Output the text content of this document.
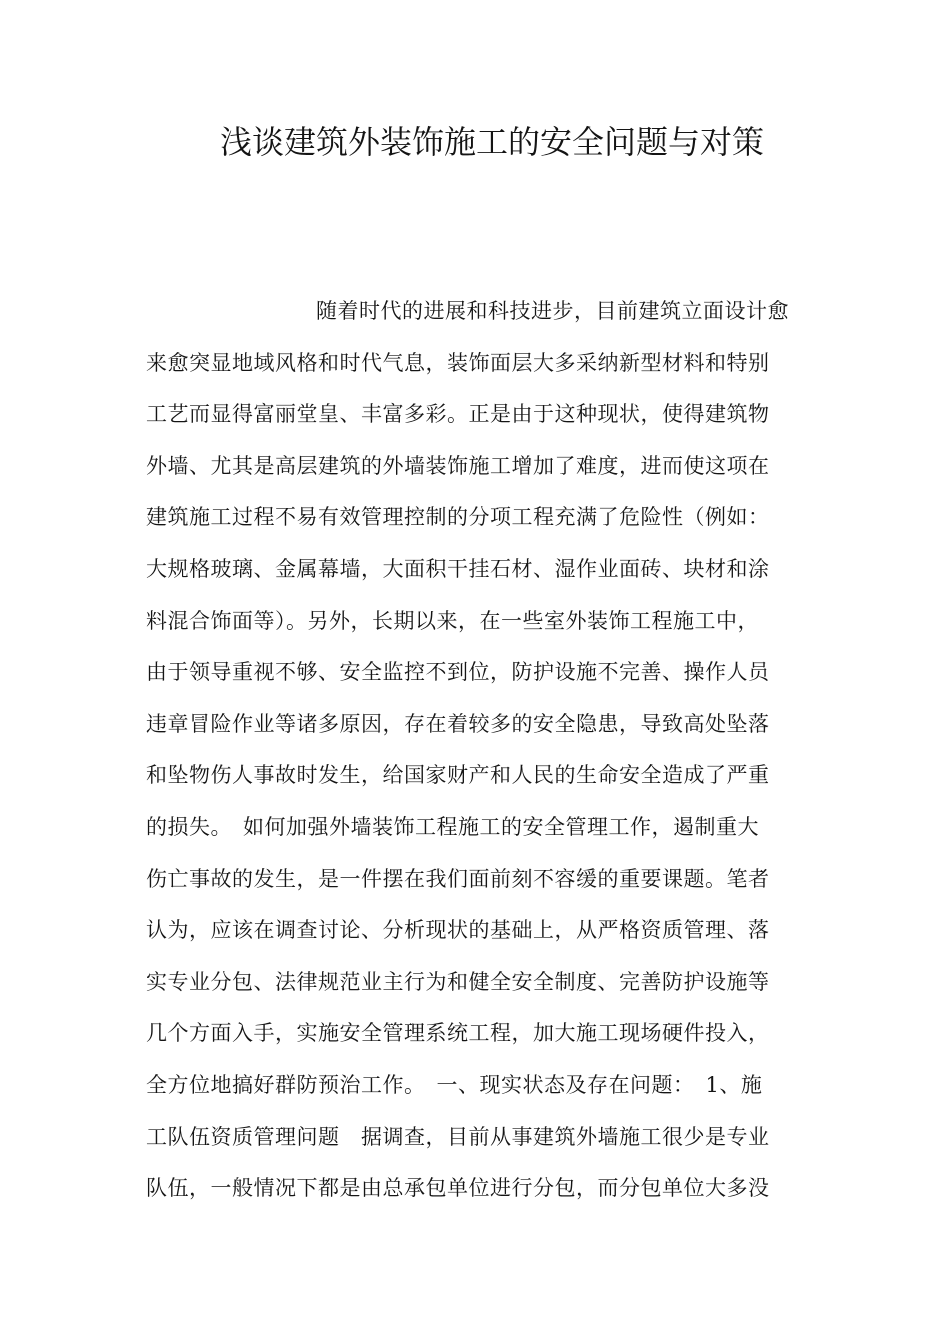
浅谈建筑外装饰施工的安全问题与对策
随着时代的进展和科技进步，目前建筑立面设计愈
来愈突显地域风格和时代气息，装饰面层大多采纳新型材料和特别
工艺而显得富丽堂皇、丰富多彩。正是由于这种现状，使得建筑物
外墙、尤其是高层建筑的外墙装饰施工增加了难度，进而使这项在
建筑施工过程不易有效管理控制的分项工程充满了危险性（例如：
大规格玻璃、金属幕墙，大面积干挂石材、湿作业面砖、块材和涂
料混合饰面等）。另外，长期以来，在一些室外装饰工程施工中，
由于领导重视不够、安全监控不到位，防护设施不完善、操作人员
违章冒险作业等诸多原因，存在着较多的安全隐患，导致高处坠落
和坠物伤人事故时发生，给国家财产和人民的生命安全造成了严重
的损失。　如何加强外墙装饰工程施工的安全管理工作，遏制重大
伤亡事故的发生，是一件摆在我们面前刻不容缓的重要课题。笔者
认为，应该在调查讨论、分析现状的基础上，从严格资质管理、落
实专业分包、法律规范业主行为和健全安全制度、完善防护设施等
几个方面入手，实施安全管理系统工程，加大施工现场硬件投入，
全方位地搞好群防预治工作。　一、现实状态及存在问题：　1、施
工队伍资质管理问题　据调查，目前从事建筑外墙施工很少是专业
队伍，一般情况下都是由总承包单位进行分包，而分包单位大多没
